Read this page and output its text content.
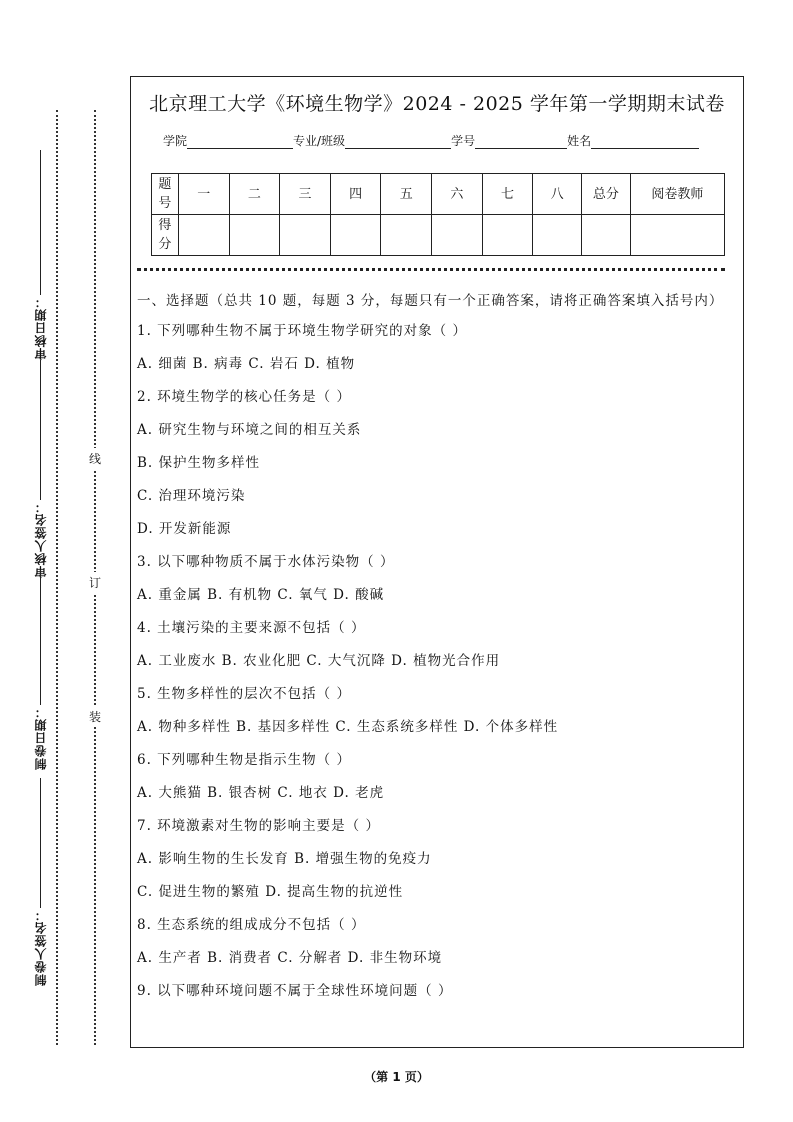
审核日期：
审核人签名：
制卷日期：
制卷人签名：
线
订
装
北京理工大学《环境生物学》2024 - 2025 学年第一学期期末试卷
学院	专业/班级	学号	姓名
题号	一	二	三	四	五	六	七	八	总分	阅卷教师
得分										
一、选择题（总共 10 题，每题 3 分，每题只有一个正确答案，请将正确答案填入括号内）
1. 下列哪种生物不属于环境生物学研究的对象（ ）
A. 细菌 B. 病毒 C. 岩石 D. 植物
2. 环境生物学的核心任务是（ ）
A. 研究生物与环境之间的相互关系
B. 保护生物多样性
C. 治理环境污染
D. 开发新能源
3. 以下哪种物质不属于水体污染物（ ）
A. 重金属 B. 有机物 C. 氧气 D. 酸碱
4. 土壤污染的主要来源不包括（ ）
A. 工业废水 B. 农业化肥 C. 大气沉降 D. 植物光合作用
5. 生物多样性的层次不包括（ ）
A. 物种多样性 B. 基因多样性 C. 生态系统多样性 D. 个体多样性
6. 下列哪种生物是指示生物（ ）
A. 大熊猫 B. 银杏树 C. 地衣 D. 老虎
7. 环境激素对生物的影响主要是（ ）
A. 影响生物的生长发育 B. 增强生物的免疫力
C. 促进生物的繁殖 D. 提高生物的抗逆性
8. 生态系统的组成成分不包括（ ）
A. 生产者 B. 消费者 C. 分解者 D. 非生物环境
9. 以下哪种环境问题不属于全球性环境问题（ ）
（第 1 页）
